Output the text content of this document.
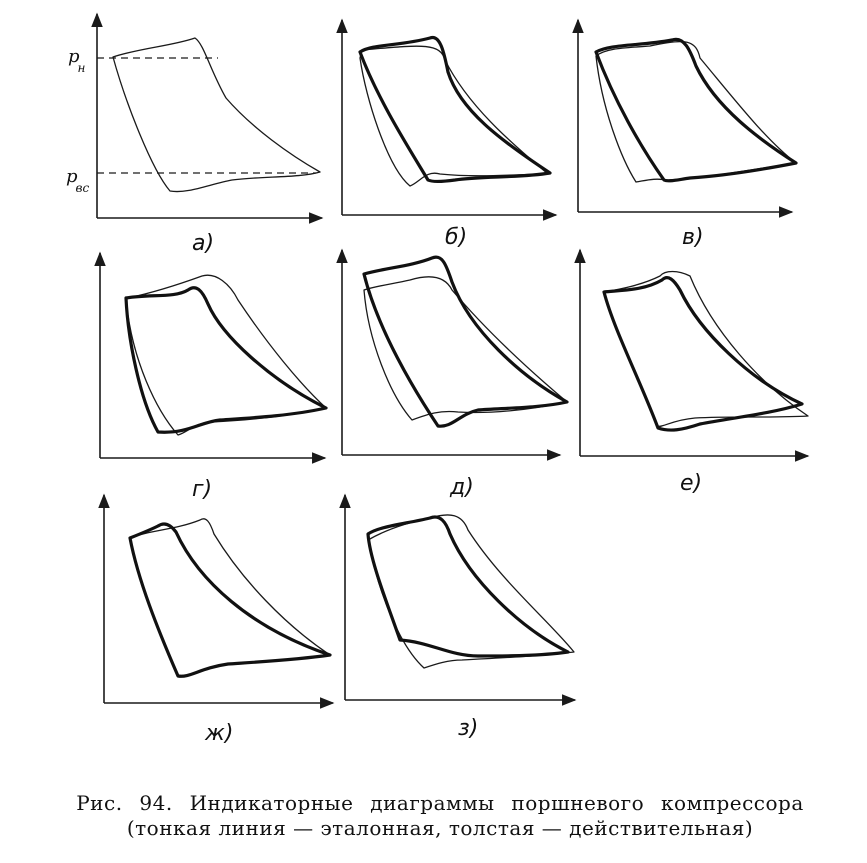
p н
p вс
а)	б)	в)
г)	д)	е)
ж)	з)
Рис. 94. Индикаторные диаграммы поршневого компрессора
(тонкая линия — эталонная, толстая — действительная)
